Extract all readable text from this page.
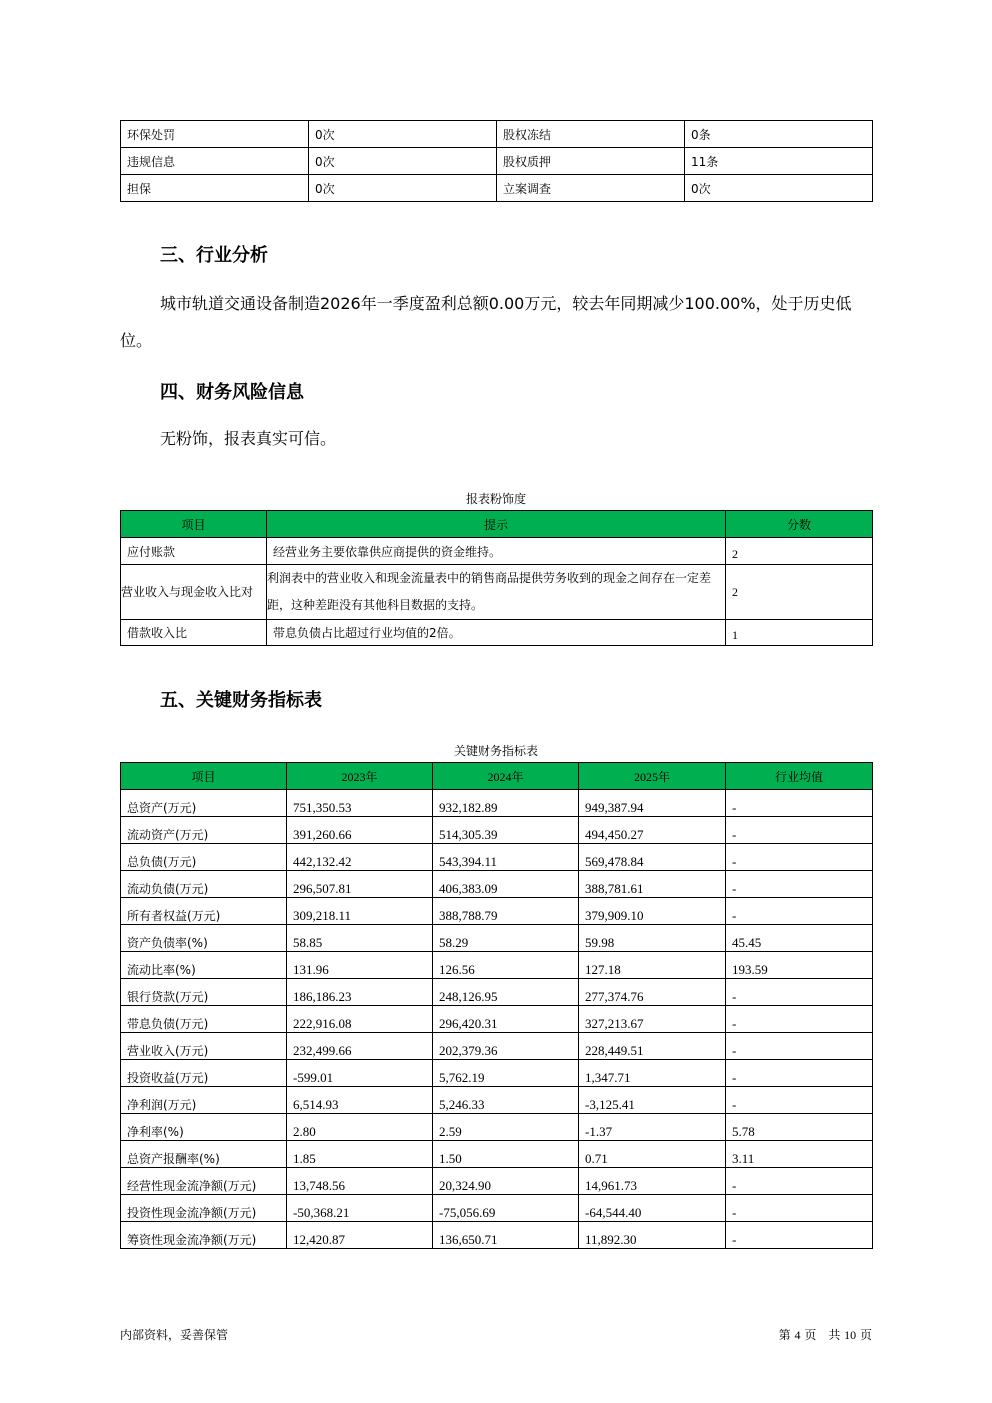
环保处罚	0次	股权冻结	0条
违规信息	0次	股权质押	11条
担保	0次	立案调查	0次
三、行业分析

城市轨道交通设备制造2026年一季度盈利总额0.00万元，较去年同期减少100.00%，处于历史低位。

四、财务风险信息

无粉饰，报表真实可信。

报表粉饰度
项目	提示	分数
应付账款	经营业务主要依靠供应商提供的资金维持。	2
营业收入与现金收入比对	利润表中的营业收入和现金流量表中的销售商品提供劳务收到的现金之间存在一定差距，这种差距没有其他科目数据的支持。	2
借款收入比	带息负债占比超过行业均值的2倍。	1
五、关键财务指标表
关键财务指标表
项目	2023年	2024年	2025年	行业均值
总资产(万元)	751,350.53	932,182.89	949,387.94	-
流动资产(万元)	391,260.66	514,305.39	494,450.27	-
总负债(万元)	442,132.42	543,394.11	569,478.84	-
流动负债(万元)	296,507.81	406,383.09	388,781.61	-
所有者权益(万元)	309,218.11	388,788.79	379,909.10	-
资产负债率(%)	58.85	58.29	59.98	45.45
流动比率(%)	131.96	126.56	127.18	193.59
银行贷款(万元)	186,186.23	248,126.95	277,374.76	-
带息负债(万元)	222,916.08	296,420.31	327,213.67	-
营业收入(万元)	232,499.66	202,379.36	228,449.51	-
投资收益(万元)	-599.01	5,762.19	1,347.71	-
净利润(万元)	6,514.93	5,246.33	-3,125.41	-
净利率(%)	2.80	2.59	-1.37	5.78
总资产报酬率(%)	1.85	1.50	0.71	3.11
经营性现金流净额(万元)	13,748.56	20,324.90	14,961.73	-
投资性现金流净额(万元)	-50,368.21	-75,056.69	-64,544.40	-
筹资性现金流净额(万元)	12,420.87	136,650.71	11,892.30	-
内部资料，妥善保管	第 4 页　共 10 页
